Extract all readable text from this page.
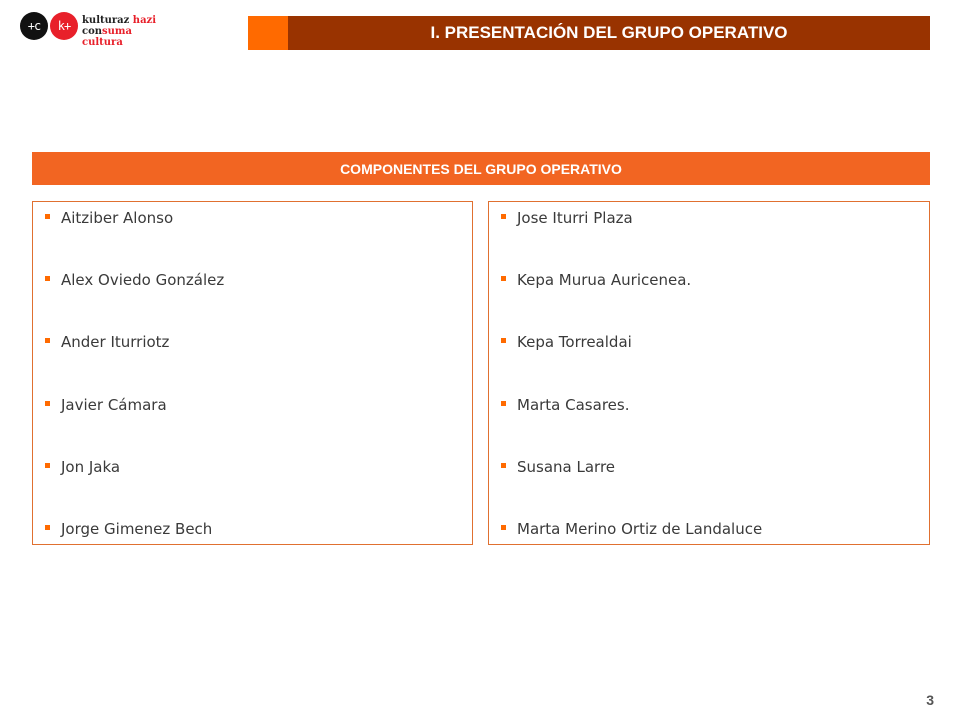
+c	k+	kulturaz hazi
consuma cultura
I. PRESENTACIÓN DEL GRUPO OPERATIVO
COMPONENTES DEL GRUPO OPERATIVO
Aitziber Alonso
Alex Oviedo González
Ander Iturriotz
Javier Cámara
Jon Jaka
Jorge Gimenez Bech
Jose Iturri Plaza
Kepa Murua Auricenea.
Kepa Torrealdai
Marta Casares.
Susana Larre
Marta Merino Ortiz de Landaluce
3
